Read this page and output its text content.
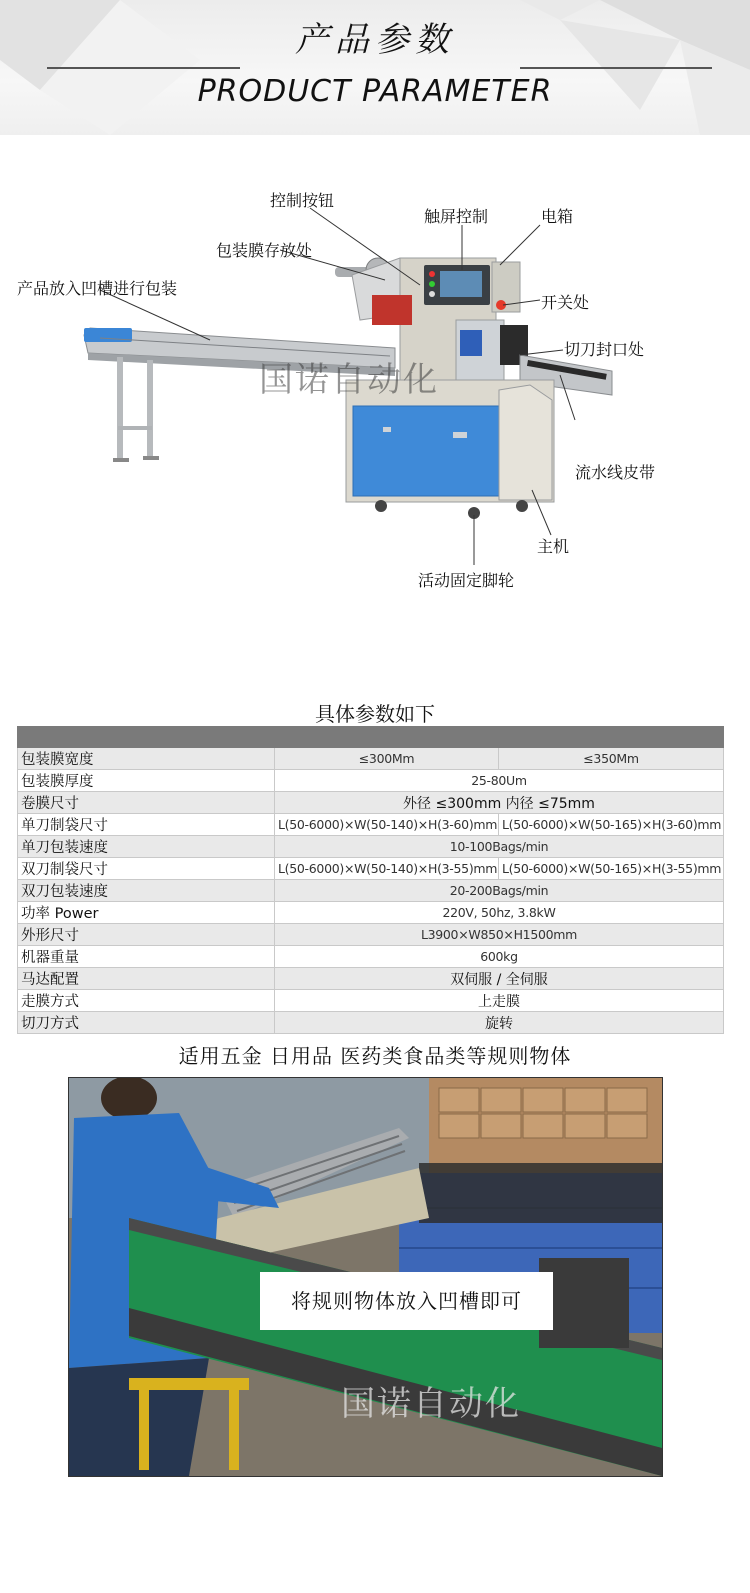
产品参数
PRODUCT PARAMETER
控制按钮
触屏控制	电箱
包装膜存放处
产品放入凹槽进行包装
开关处
切刀封口处
流水线皮带
主机
活动固定脚轮
国诺自动化
具体参数如下

包装膜宽度	≤300Mm	≤350Mm
包装膜厚度	25-80Um	
卷膜尺寸	外径 ≤300mm 内径 ≤75mm	
单刀制袋尺寸	L(50-6000)×W(50-140)×H(3-60)mm	L(50-6000)×W(50-165)×H(3-60)mm
单刀包装速度	10-100Bags/min	
双刀制袋尺寸	L(50-6000)×W(50-140)×H(3-55)mm	L(50-6000)×W(50-165)×H(3-55)mm
双刀包装速度	20-200Bags/min	
功率 Power	220V, 50hz, 3.8kW	
外形尺寸	L3900×W850×H1500mm	
机器重量	600kg	
马达配置	双伺服 / 全伺服	
走膜方式	上走膜	
切刀方式	旋转	
适用五金 日用品 医药类食品类等规则物体
国诺自动化
将规则物体放入凹槽即可
